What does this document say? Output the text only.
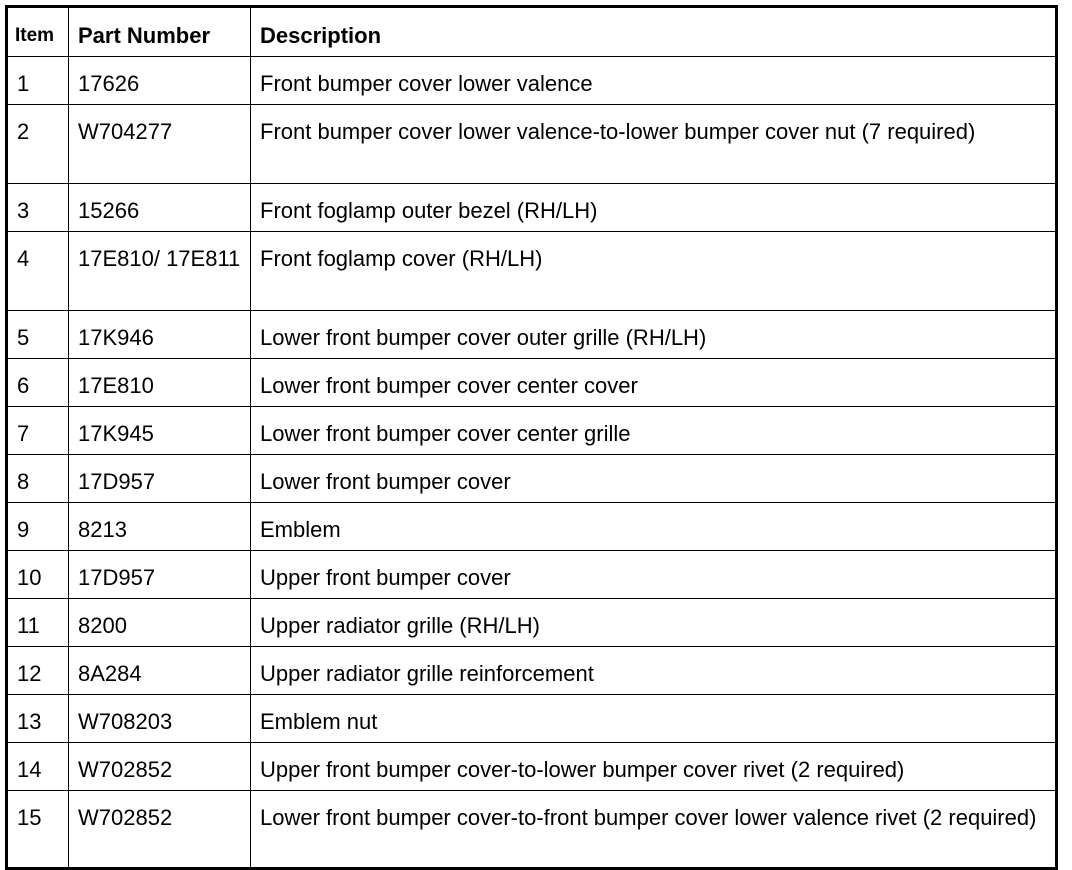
Item	Part Number	Description
1	17626	Front bumper cover lower valence
2	W704277	Front bumper cover lower valence-to-lower bumper cover nut (7 required)
3	15266	Front foglamp outer bezel (RH/LH)
4	17E810/ 17E811	Front foglamp cover (RH/LH)
5	17K946	Lower front bumper cover outer grille (RH/LH)
6	17E810	Lower front bumper cover center cover
7	17K945	Lower front bumper cover center grille
8	17D957	Lower front bumper cover
9	8213	Emblem
10	17D957	Upper front bumper cover
11	8200	Upper radiator grille (RH/LH)
12	8A284	Upper radiator grille reinforcement
13	W708203	Emblem nut
14	W702852	Upper front bumper cover-to-lower bumper cover rivet (2 required)
15	W702852	Lower front bumper cover-to-front bumper cover lower valence rivet (2 required)
